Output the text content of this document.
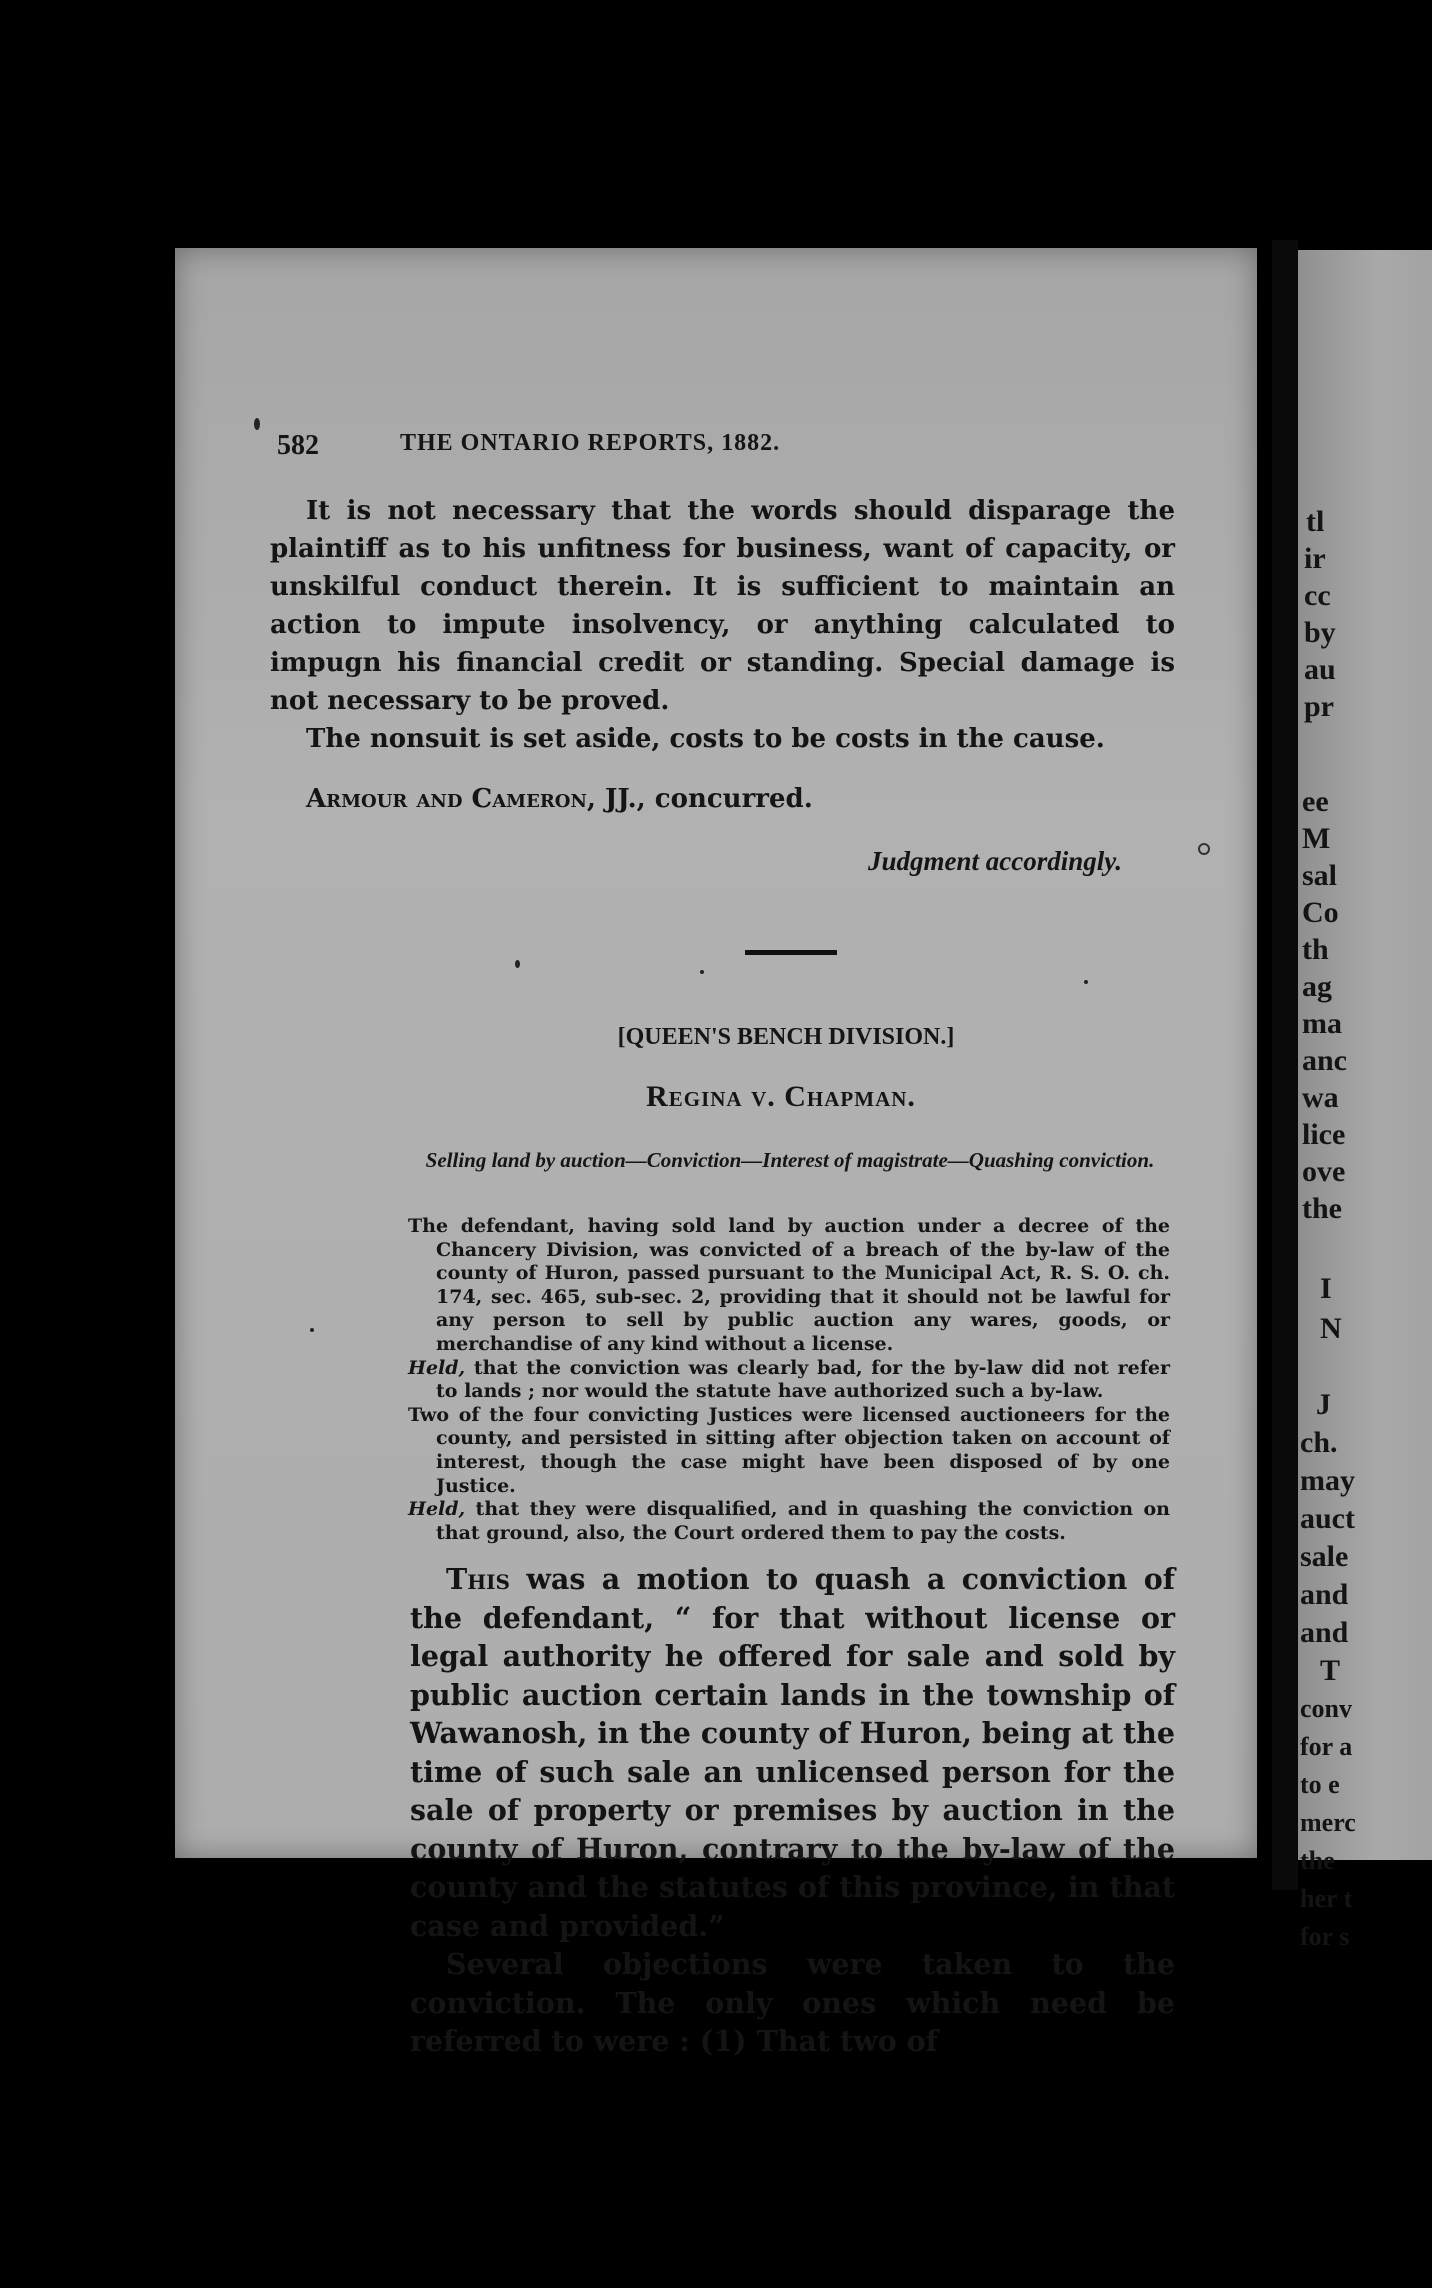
tl
ir
cc
by
au
pr
ee
M
sal
Co
th
ag
ma
anc
wa
lice
ove
the
I
N
J
ch.
may
auct
sale
and
and
T
conv
for a
to e
merc
the
her t
for s
582	THE ONTARIO REPORTS, 1882.

It is not necessary that the words should disparage the plaintiff as to his unfitness for business, want of capacity, or unskilful conduct therein. It is sufficient to maintain an action to impute insolvency, or anything calculated to impugn his financial credit or standing. Special damage is not necessary to be proved.

The nonsuit is set aside, costs to be costs in the cause.

Armour and Cameron, JJ., concurred.
Judgment accordingly.
[QUEEN'S BENCH DIVISION.]
Regina v. Chapman.
Selling land by auction—Conviction—Interest of magistrate—Quashing conviction.

The defendant, having sold land by auction under a decree of the Chancery Division, was convicted of a breach of the by-law of the county of Huron, passed pursuant to the Municipal Act, R. S. O. ch. 174, sec. 465, sub-sec. 2, providing that it should not be lawful for any person to sell by public auction any wares, goods, or merchandise of any kind without a license.

Held, that the conviction was clearly bad, for the by-law did not refer to lands ; nor would the statute have authorized such a by-law.

Two of the four convicting Justices were licensed auctioneers for the county, and persisted in sitting after objection taken on account of interest, though the case might have been disposed of by one Justice.

Held, that they were disqualified, and in quashing the conviction on that ground, also, the Court ordered them to pay the costs.

This was a motion to quash a conviction of the defendant, “ for that without license or legal authority he offered for sale and sold by public auction certain lands in the township of Wawanosh, in the county of Huron, being at the time of such sale an unlicensed person for the sale of property or premises by auction in the county of Huron, contrary to the by-law of the county and the statutes of this province, in that case and provided.”

Several objections were taken to the conviction. The only ones which need be referred to were : (1) That two of
